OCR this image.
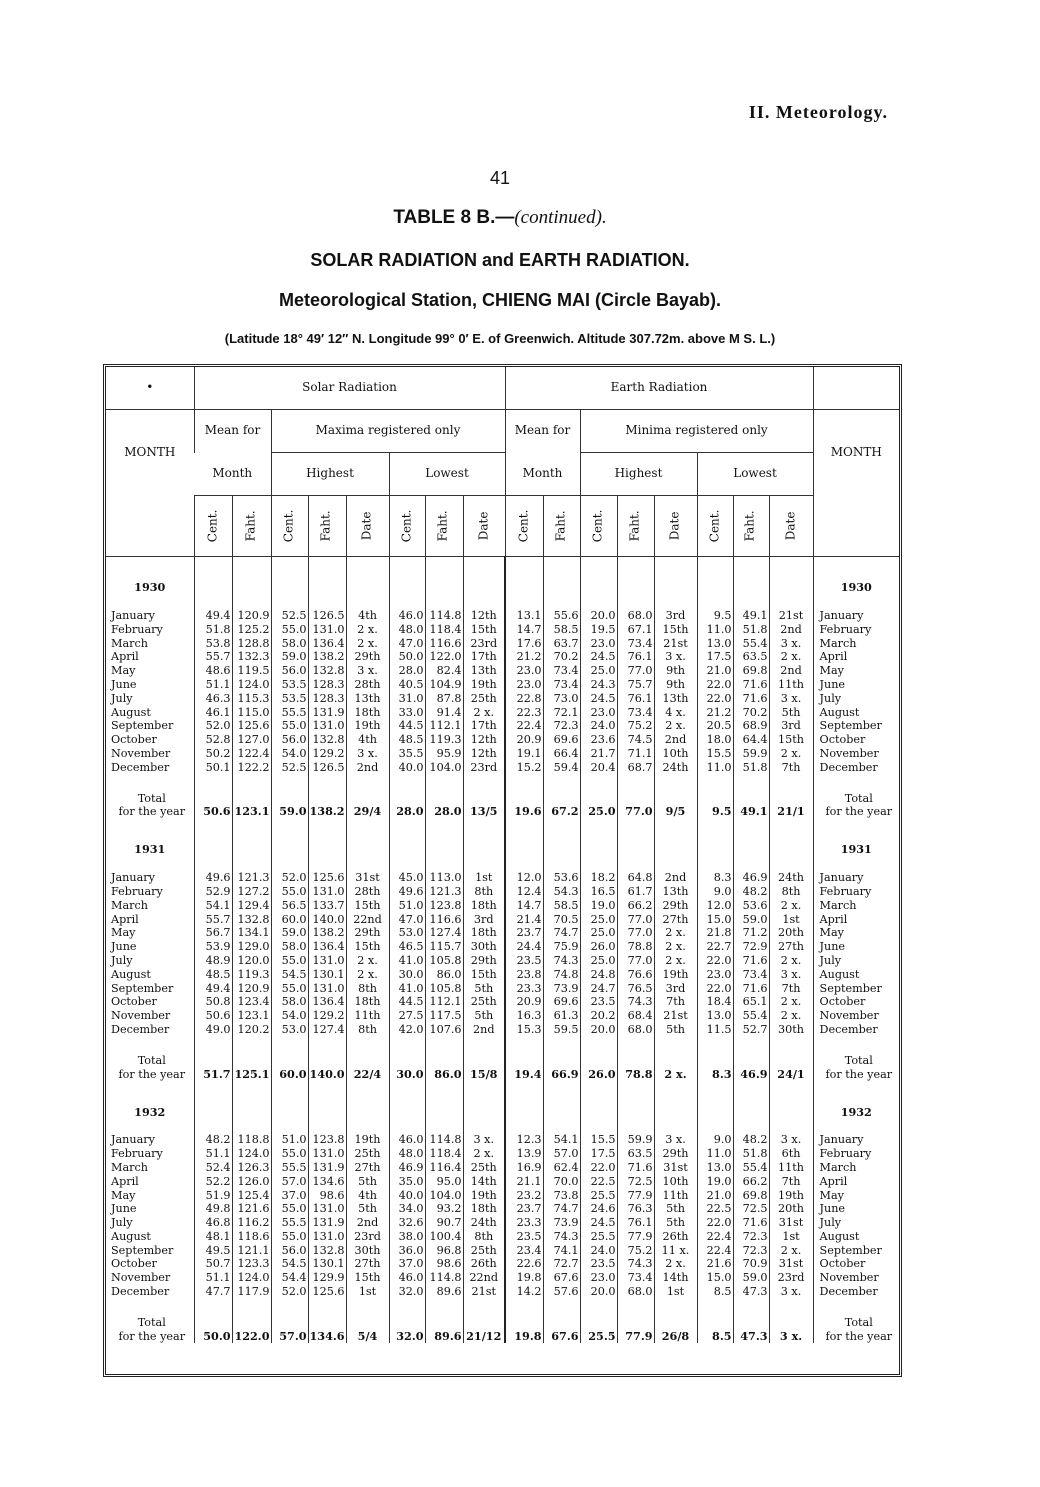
II. Meteorology.
41
TABLE 8 B.—(continued).
SOLAR RADIATION and EARTH RADIATION.
Meteorological Station, CHIENG MAI (Circle Bayab).
(Latitude 18° 49′ 12″ N. Longitude 99° 0′ E. of Greenwich. Altitude 307.72m. above M S. L.)
•	Solar Radiation								Earth Radiation								
MONTH	Mean for		Maxima registered only						Mean for		Minima registered only						MONTH
	Month		Highest			Lowest			Month		Highest			Lowest			
	Cent.	Faht.	Cent.	Faht.	Date	Cent.	Faht.	Date	Cent.	Faht.	Cent.	Faht.	Date	Cent.	Faht.	Date	
1930																	1930

January	49.4	120.9	52.5	126.5	4th	46.0	114.8	12th	13.1	55.6	20.0	68.0	3rd	9.5	49.1	21st	January
February	51.8	125.2	55.0	131.0	2 x.	48.0	118.4	15th	14.7	58.5	19.5	67.1	15th	11.0	51.8	2nd	February
March	53.8	128.8	58.0	136.4	2 x.	47.0	116.6	23rd	17.6	63.7	23.0	73.4	21st	13.0	55.4	3 x.	March
April	55.7	132.3	59.0	138.2	29th	50.0	122.0	17th	21.2	70.2	24.5	76.1	3 x.	17.5	63.5	2 x.	April
May	48.6	119.5	56.0	132.8	3 x.	28.0	82.4	13th	23.0	73.4	25.0	77.0	9th	21.0	69.8	2nd	May
June	51.1	124.0	53.5	128.3	28th	40.5	104.9	19th	23.0	73.4	24.3	75.7	9th	22.0	71.6	11th	June
July	46.3	115.3	53.5	128.3	13th	31.0	87.8	25th	22.8	73.0	24.5	76.1	13th	22.0	71.6	3 x.	July
August	46.1	115.0	55.5	131.9	18th	33.0	91.4	2 x.	22.3	72.1	23.0	73.4	4 x.	21.2	70.2	5th	August
September	52.0	125.6	55.0	131.0	19th	44.5	112.1	17th	22.4	72.3	24.0	75.2	2 x.	20.5	68.9	3rd	September
October	52.8	127.0	56.0	132.8	4th	48.5	119.3	12th	20.9	69.6	23.6	74.5	2nd	18.0	64.4	15th	October
November	50.2	122.4	54.0	129.2	3 x.	35.5	95.9	12th	19.1	66.4	21.7	71.1	10th	15.5	59.9	2 x.	November
December	50.1	122.2	52.5	126.5	2nd	40.0	104.0	23rd	15.2	59.4	20.4	68.7	24th	11.0	51.8	7th	December

Total																	Total
for the year	50.6	123.1	59.0	138.2	29/4	28.0	28.0	13/5	19.6	67.2	25.0	77.0	9/5	9.5	49.1	21/1	for the year
1931																	1931

January	49.6	121.3	52.0	125.6	31st	45.0	113.0	1st	12.0	53.6	18.2	64.8	2nd	8.3	46.9	24th	January
February	52.9	127.2	55.0	131.0	28th	49.6	121.3	8th	12.4	54.3	16.5	61.7	13th	9.0	48.2	8th	February
March	54.1	129.4	56.5	133.7	15th	51.0	123.8	18th	14.7	58.5	19.0	66.2	29th	12.0	53.6	2 x.	March
April	55.7	132.8	60.0	140.0	22nd	47.0	116.6	3rd	21.4	70.5	25.0	77.0	27th	15.0	59.0	1st	April
May	56.7	134.1	59.0	138.2	29th	53.0	127.4	18th	23.7	74.7	25.0	77.0	2 x.	21.8	71.2	20th	May
June	53.9	129.0	58.0	136.4	15th	46.5	115.7	30th	24.4	75.9	26.0	78.8	2 x.	22.7	72.9	27th	June
July	48.9	120.0	55.0	131.0	2 x.	41.0	105.8	29th	23.5	74.3	25.0	77.0	2 x.	22.0	71.6	2 x.	July
August	48.5	119.3	54.5	130.1	2 x.	30.0	86.0	15th	23.8	74.8	24.8	76.6	19th	23.0	73.4	3 x.	August
September	49.4	120.9	55.0	131.0	8th	41.0	105.8	5th	23.3	73.9	24.7	76.5	3rd	22.0	71.6	7th	September
October	50.8	123.4	58.0	136.4	18th	44.5	112.1	25th	20.9	69.6	23.5	74.3	7th	18.4	65.1	2 x.	October
November	50.6	123.1	54.0	129.2	11th	27.5	117.5	5th	16.3	61.3	20.2	68.4	21st	13.0	55.4	2 x.	November
December	49.0	120.2	53.0	127.4	8th	42.0	107.6	2nd	15.3	59.5	20.0	68.0	5th	11.5	52.7	30th	December

Total																	Total
for the year	51.7	125.1	60.0	140.0	22/4	30.0	86.0	15/8	19.4	66.9	26.0	78.8	2 x.	8.3	46.9	24/1	for the year
1932																	1932

January	48.2	118.8	51.0	123.8	19th	46.0	114.8	3 x.	12.3	54.1	15.5	59.9	3 x.	9.0	48.2	3 x.	January
February	51.1	124.0	55.0	131.0	25th	48.0	118.4	2 x.	13.9	57.0	17.5	63.5	29th	11.0	51.8	6th	February
March	52.4	126.3	55.5	131.9	27th	46.9	116.4	25th	16.9	62.4	22.0	71.6	31st	13.0	55.4	11th	March
April	52.2	126.0	57.0	134.6	5th	35.0	95.0	14th	21.1	70.0	22.5	72.5	10th	19.0	66.2	7th	April
May	51.9	125.4	37.0	98.6	4th	40.0	104.0	19th	23.2	73.8	25.5	77.9	11th	21.0	69.8	19th	May
June	49.8	121.6	55.0	131.0	5th	34.0	93.2	18th	23.7	74.7	24.6	76.3	5th	22.5	72.5	20th	June
July	46.8	116.2	55.5	131.9	2nd	32.6	90.7	24th	23.3	73.9	24.5	76.1	5th	22.0	71.6	31st	July
August	48.1	118.6	55.0	131.0	23rd	38.0	100.4	8th	23.5	74.3	25.5	77.9	26th	22.4	72.3	1st	August
September	49.5	121.1	56.0	132.8	30th	36.0	96.8	25th	23.4	74.1	24.0	75.2	11 x.	22.4	72.3	2 x.	September
October	50.7	123.3	54.5	130.1	27th	37.0	98.6	26th	22.6	72.7	23.5	74.3	2 x.	21.6	70.9	31st	October
November	51.1	124.0	54.4	129.9	15th	46.0	114.8	22nd	19.8	67.6	23.0	73.4	14th	15.0	59.0	23rd	November
December	47.7	117.9	52.0	125.6	1st	32.0	89.6	21st	14.2	57.6	20.0	68.0	1st	8.5	47.3	3 x.	December

Total																	Total
for the year	50.0	122.0	57.0	134.6	5/4	32.0	89.6	21/12	19.8	67.6	25.5	77.9	26/8	8.5	47.3	3 x.	for the year
